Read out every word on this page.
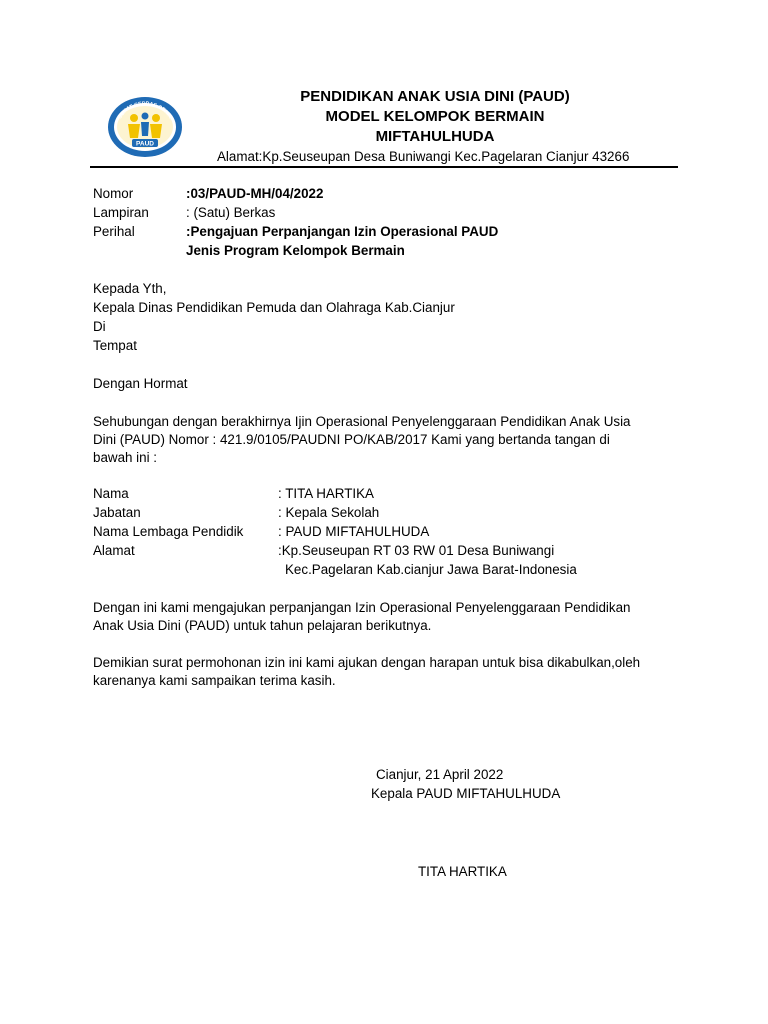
SEHAT CERDAS CERIA
PAUD
PENDIDIKAN ANAK USIA DINI (PAUD)
MODEL KELOMPOK BERMAIN
MIFTAHULHUDA
Alamat:Kp.Seuseupan Desa Buniwangi Kec.Pagelaran Cianjur 43266
Nomor	:03/PAUD-MH/04/2022
Lampiran	: (Satu) Berkas
Perihal	:Pengajuan Perpanjangan Izin Operasional PAUD
Jenis Program Kelompok Bermain
Kepada Yth,
Kepala Dinas Pendidikan Pemuda dan Olahraga Kab.Cianjur
Di
Tempat
Dengan Hormat
Sehubungan dengan berakhirnya Ijin Operasional Penyelenggaraan Pendidikan Anak Usia
Dini (PAUD) Nomor : 421.9/0105/PAUDNI PO/KAB/2017 Kami yang bertanda tangan di
bawah ini :
Nama	: TITA HARTIKA
Jabatan	: Kepala Sekolah
Nama Lembaga Pendidik	: PAUD MIFTAHULHUDA
Alamat	:Kp.Seuseupan RT 03 RW 01 Desa Buniwangi
Kec.Pagelaran Kab.cianjur Jawa Barat-Indonesia
Dengan ini kami mengajukan perpanjangan Izin Operasional Penyelenggaraan Pendidikan
Anak Usia Dini (PAUD) untuk tahun pelajaran berikutnya.
Demikian surat permohonan izin ini kami ajukan dengan harapan untuk bisa dikabulkan,oleh
karenanya kami sampaikan terima kasih.
Cianjur, 21 April 2022
Kepala PAUD MIFTAHULHUDA
TITA HARTIKA
